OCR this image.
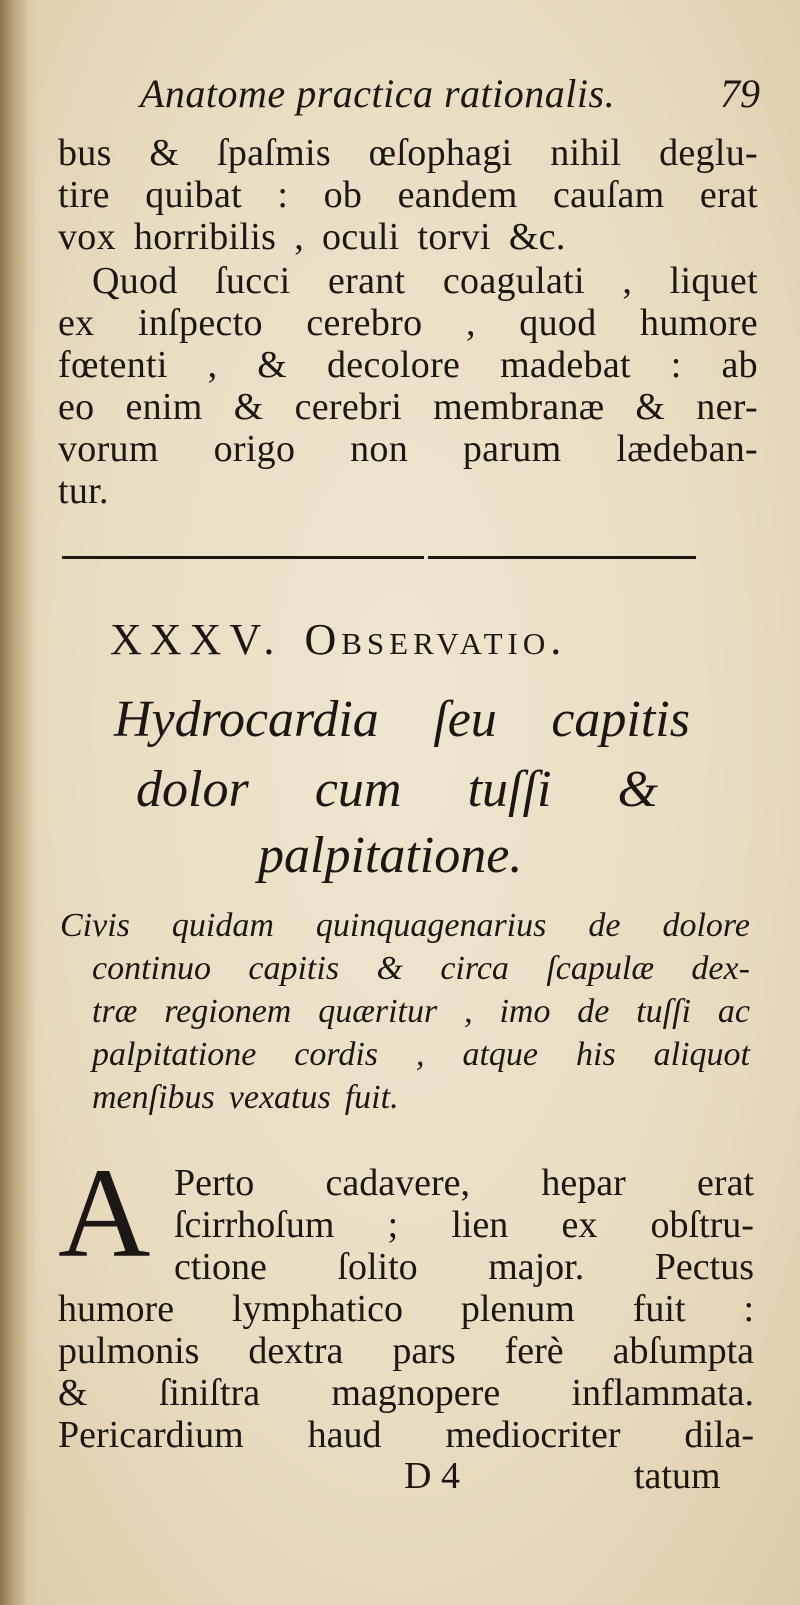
Anatome practica rationalis.	79
bus & ſpaſmis œſophagi nihil deglu-
tire quibat : ob eandem cauſam erat
vox horribilis , oculi torvi &c.
Quod ſucci erant coagulati , liquet
ex inſpecto cerebro , quod humore
fœtenti , & decolore madebat : ab
eo enim & cerebri membranæ & ner-
vorum origo non parum lædeban-
tur.
XXXV. Observatio.
Hydrocardia ſeu capitis
dolor cum tuſſi &
palpitatione.
Civis quidam quinquagenarius de dolore
continuo capitis & circa ſcapulæ dex-
træ regionem quæritur , imo de tuſſi ac
palpitatione cordis , atque his aliquot
menſibus vexatus fuit.
A Perto cadavere, hepar erat
ſcirrhoſum ; lien ex obſtru-
ctione ſolito major. Pectus
humore lymphatico plenum fuit :
pulmonis dextra pars ferè abſumpta
& ſiniſtra magnopere inflammata.
Pericardium haud mediocriter dila-
D 4	tatum
